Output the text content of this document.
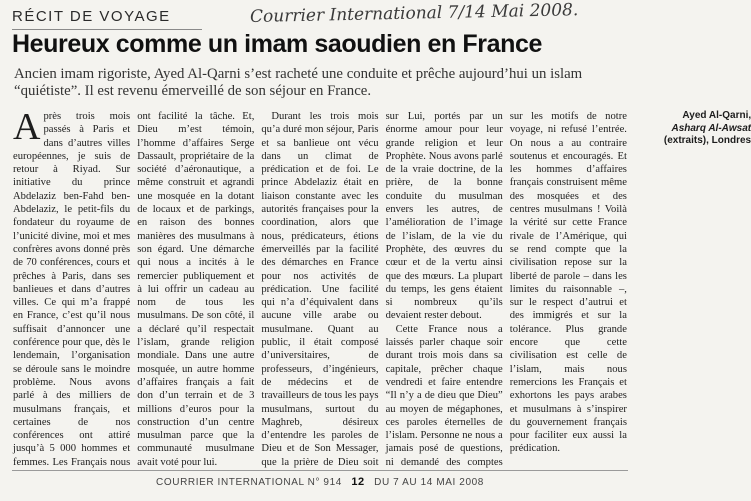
RÉCIT DE VOYAGE	Courrier International 7/14 Mai 2008.
Heureux comme un imam saoudien en France
Ancien imam rigoriste, Ayed Al-Qarni s’est racheté une conduite et prêche aujourd’hui un islam “quiétiste”. Il est revenu émerveillé de son séjour en France.

Après trois mois passés à Paris et dans d’autres villes européennes, je suis de retour à Riyad. Sur initiative du prince Abdelaziz ben-Fahd ben-Abdelaziz, le petit-fils du fondateur du royaume de l’unicité divine, moi et mes confrères avons donné près de 70 conférences, cours et prêches à Paris, dans ses banlieues et dans d’autres villes. Ce qui m’a frappé en France, c’est qu’il nous suffisait d’annoncer une conférence pour que, dès le lendemain, l’organisation se déroule sans le moindre problème. Nous avons parlé à des milliers de musulmans français, et certaines de nos conférences ont attiré jusqu’à 5 000 hommes et femmes. Les Français nous ont facilité la tâche. Et, Dieu m’est témoin, l’homme d’affaires Serge Dassault, propriétaire de la société d’aéronautique, a même construit et agrandi une mosquée en la dotant de locaux et de parkings, en raison des bonnes manières des musulmans à son égard. Une démarche qui nous a incités à le remercier publiquement et à lui offrir un cadeau au nom de tous les musulmans. De son côté, il a déclaré qu’il respectait l’islam, grande religion mondiale. Dans une autre mosquée, un autre homme d’affaires français a fait don d’un terrain et de 3 millions d’euros pour la construction d’un centre musulman parce que la communauté musulmane avait voté pour lui.

Durant les trois mois qu’a duré mon séjour, Paris et sa banlieue ont vécu dans un climat de prédication et de foi. Le prince Abdelaziz était en liaison constante avec les autorités françaises pour la coordination, alors que nous, prédicateurs, étions émerveillés par la facilité des démarches en France pour nos activités de prédication. Une facilité qui n’a d’équivalent dans aucune ville arabe ou musulmane. Quant au public, il était composé d’universitaires, de professeurs, d’ingénieurs, de médecins et de travailleurs de tous les pays musulmans, surtout du Maghreb, désireux d’entendre les paroles de Dieu et de Son Messager, que la prière de Dieu soit sur Lui, portés par un énorme amour pour leur grande religion et leur Prophète. Nous avons parlé de la vraie doctrine, de la prière, de la bonne conduite du musulman envers les autres, de l’amélioration de l’image de l’islam, de la vie du Prophète, des œuvres du cœur et de la vertu ainsi que des mœurs. La plupart du temps, les gens étaient si nombreux qu’ils devaient rester debout.

Cette France nous a laissés parler chaque soir durant trois mois dans sa capitale, prêcher chaque vendredi et faire entendre “Il n’y a de dieu que Dieu” au moyen de mégaphones, ces paroles éternelles de l’islam. Personne ne nous a jamais posé de questions, ni demandé des comptes sur les motifs de notre voyage, ni refusé l’entrée. On nous a au contraire soutenus et encouragés. Et les hommes d’affaires français construisent même des mosquées et des centres musulmans ! Voilà la vérité sur cette France rivale de l’Amérique, qui se rend compte que la civilisation repose sur la liberté de parole – dans les limites du raisonnable –, sur le respect d’autrui et des immigrés et sur la tolérance. Plus grande encore que cette civilisation est celle de l’islam, mais nous remercions les Français et exhortons les pays arabes et musulmans à s’inspirer du gouvernement français pour faciliter eux aussi la prédication.

Ayed Al-Qarni,
Asharq Al-Awsat (extraits), Londres

COURRIER INTERNATIONAL N° 914 12 DU 7 AU 14 MAI 2008
